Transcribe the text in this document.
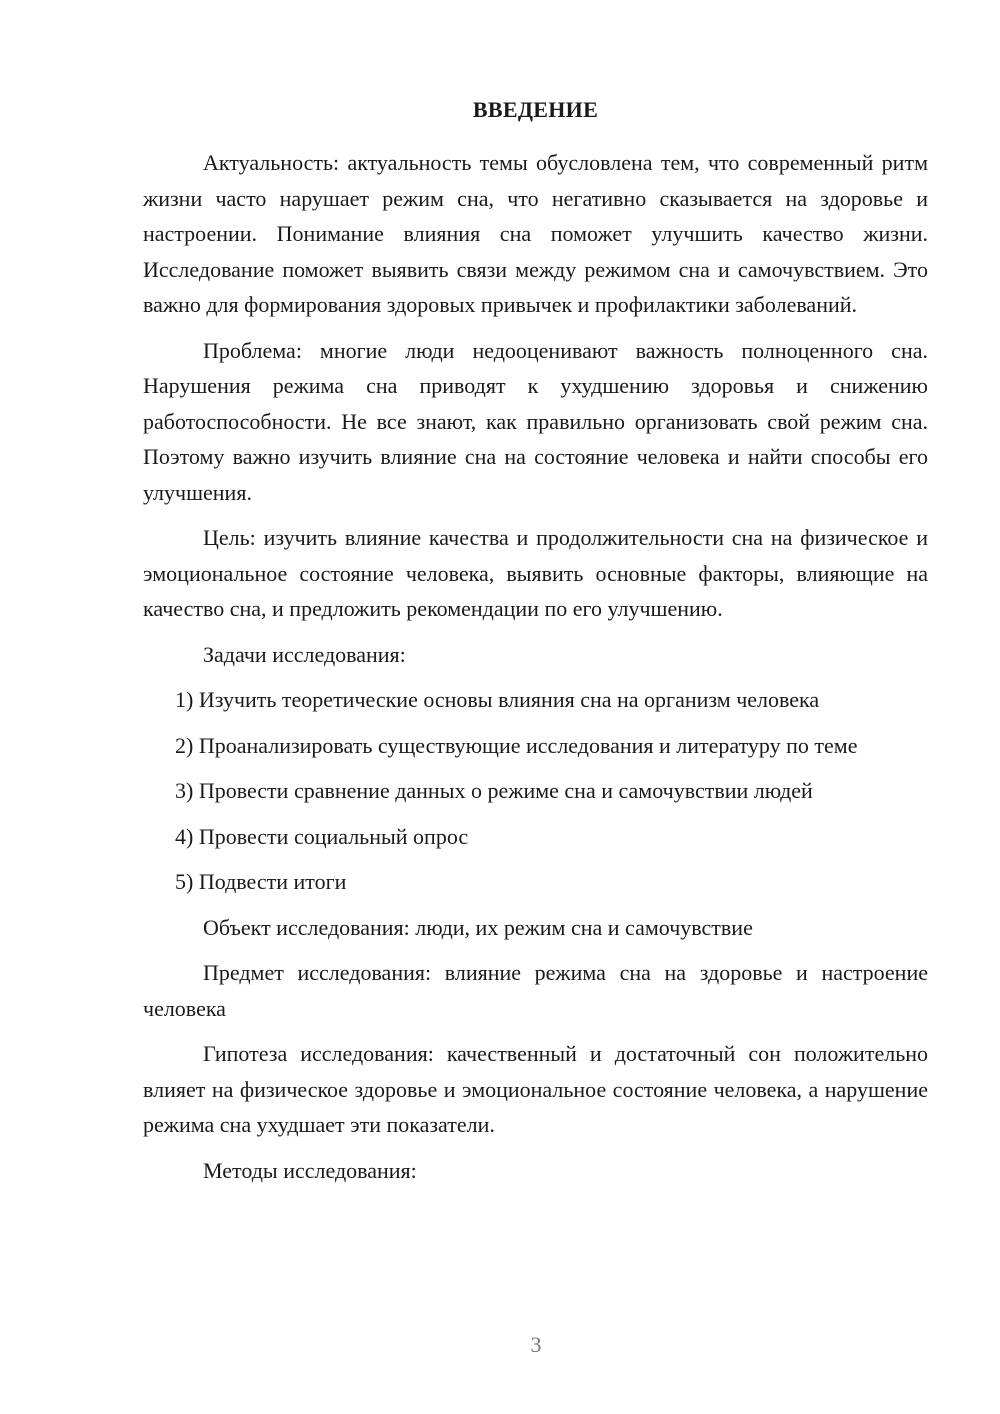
ВВЕДЕНИЕ

Актуальность: актуальность темы обусловлена тем, что современный ритм жизни часто нарушает режим сна, что негативно сказывается на здоровье и настроении. Понимание влияния сна поможет улучшить качество жизни. Исследование поможет выявить связи между режимом сна и самочувствием. Это важно для формирования здоровых привычек и профилактики заболеваний.

Проблема: многие люди недооценивают важность полноценного сна. Нарушения режима сна приводят к ухудшению здоровья и снижению работоспособности. Не все знают, как правильно организовать свой режим сна. Поэтому важно изучить влияние сна на состояние человека и найти способы его улучшения.

Цель: изучить влияние качества и продолжительности сна на физическое и эмоциональное состояние человека, выявить основные факторы, влияющие на качество сна, и предложить рекомендации по его улучшению.

Задачи исследования:

1) Изучить теоретические основы влияния сна на организм человека

2) Проанализировать существующие исследования и литературу по теме

3) Провести сравнение данных о режиме сна и самочувствии людей

4) Провести социальный опрос

5) Подвести итоги

Объект исследования: люди, их режим сна и самочувствие

Предмет исследования: влияние режима сна на здоровье и настроение человека

Гипотеза исследования: качественный и достаточный сон положительно влияет на физическое здоровье и эмоциональное состояние человека, а нарушение режима сна ухудшает эти показатели.

Методы исследования:

3
